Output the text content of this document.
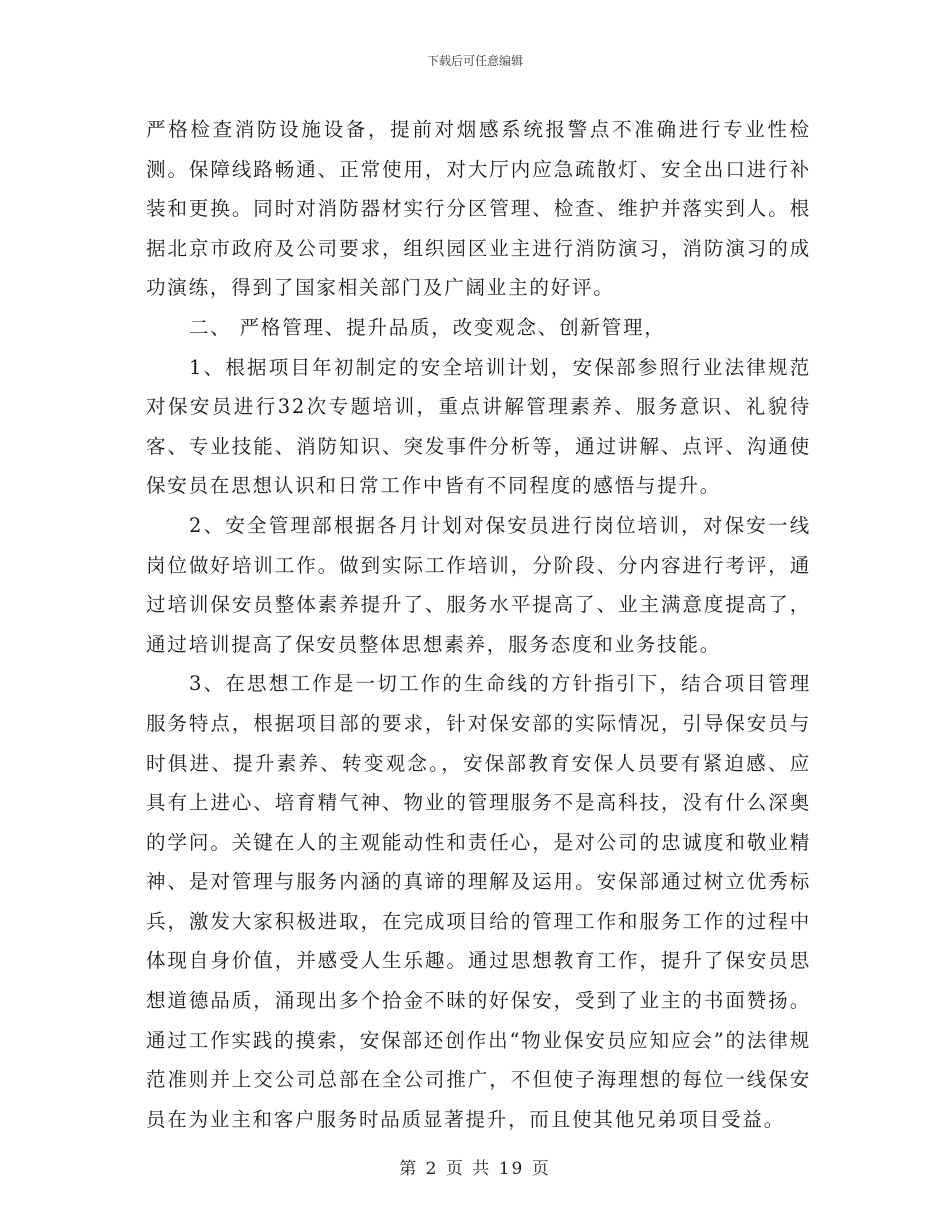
下载后可任意编辑

严格检查消防设施设备，提前对烟感系统报警点不准确进行专业性检测。保障线路畅通、正常使用，对大厅内应急疏散灯、安全出口进行补装和更换。同时对消防器材实行分区管理、检查、维护并落实到人。根据北京市政府及公司要求，组织园区业主进行消防演习，消防演习的成功演练，得到了国家相关部门及广阔业主的好评。

二、 严格管理、提升品质，改变观念、创新管理，

1、根据项目年初制定的安全培训计划，安保部参照行业法律规范对保安员进行32次专题培训，重点讲解管理素养、服务意识、礼貌待客、专业技能、消防知识、突发事件分析等，通过讲解、点评、沟通使保安员在思想认识和日常工作中皆有不同程度的感悟与提升。

2、安全管理部根据各月计划对保安员进行岗位培训，对保安一线岗位做好培训工作。做到实际工作培训，分阶段、分内容进行考评，通过培训保安员整体素养提升了、服务水平提高了、业主满意度提高了，通过培训提高了保安员整体思想素养，服务态度和业务技能。

3、在思想工作是一切工作的生命线的方针指引下，结合项目管理服务特点，根据项目部的要求，针对保安部的实际情况，引导保安员与时俱进、提升素养、转变观念。，安保部教育安保人员要有紧迫感、应具有上进心、培育精气神、物业的管理服务不是高科技，没有什么深奥的学问。关键在人的主观能动性和责任心，是对公司的忠诚度和敬业精神、是对管理与服务内涵的真谛的理解及运用。安保部通过树立优秀标兵，激发大家积极进取，在完成项目给的管理工作和服务工作的过程中体现自身价值，并感受人生乐趣。通过思想教育工作，提升了保安员思想道德品质，涌现出多个拾金不昧的好保安，受到了业主的书面赞扬。通过工作实践的摸索，安保部还创作出“物业保安员应知应会”的法律规范准则并上交公司总部在全公司推广，不但使子海理想的每位一线保安员在为业主和客户服务时品质显著提升，而且使其他兄弟项目受益。

第 2 页 共 19 页
